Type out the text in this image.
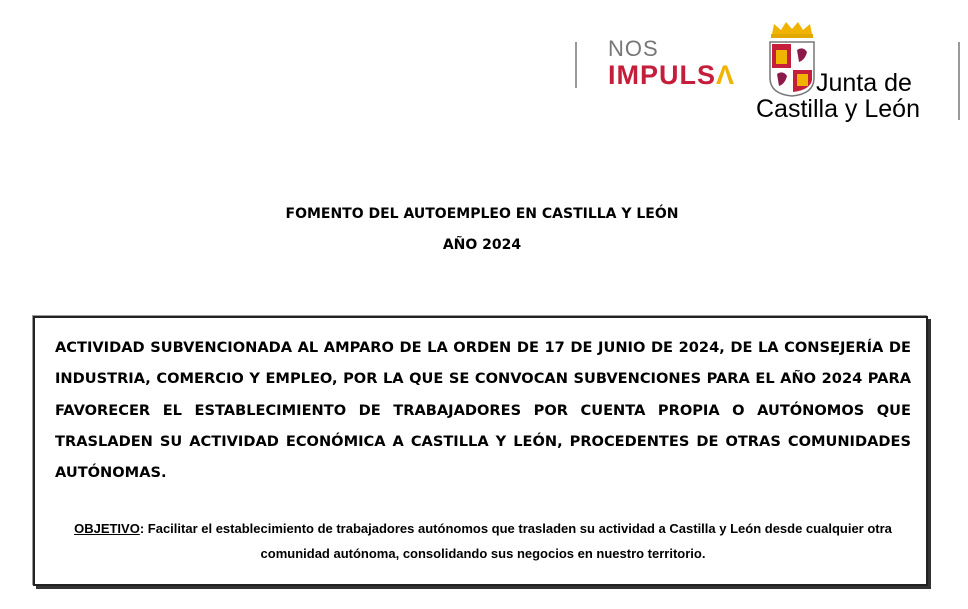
NOS
IMPULSΛ	Junta de
Castilla y León
FOMENTO DEL AUTOEMPLEO EN CASTILLA Y LEÓN
AÑO 2024
ACTIVIDAD SUBVENCIONADA AL AMPARO DE LA ORDEN DE 17 DE JUNIO DE 2024, DE LA CONSEJERÍA DE INDUSTRIA, COMERCIO Y EMPLEO, POR LA QUE SE CONVOCAN SUBVENCIONES PARA EL AÑO 2024 PARA FAVORECER EL ESTABLECIMIENTO DE TRABAJADORES POR CUENTA PROPIA O AUTÓNOMOS QUE TRASLADEN SU ACTIVIDAD ECONÓMICA A CASTILLA Y LEÓN, PROCEDENTES DE OTRAS COMUNIDADES AUTÓNOMAS.
OBJETIVO: Facilitar el establecimiento de trabajadores autónomos que trasladen su actividad a Castilla y León desde cualquier otra comunidad autónoma, consolidando sus negocios en nuestro territorio.
